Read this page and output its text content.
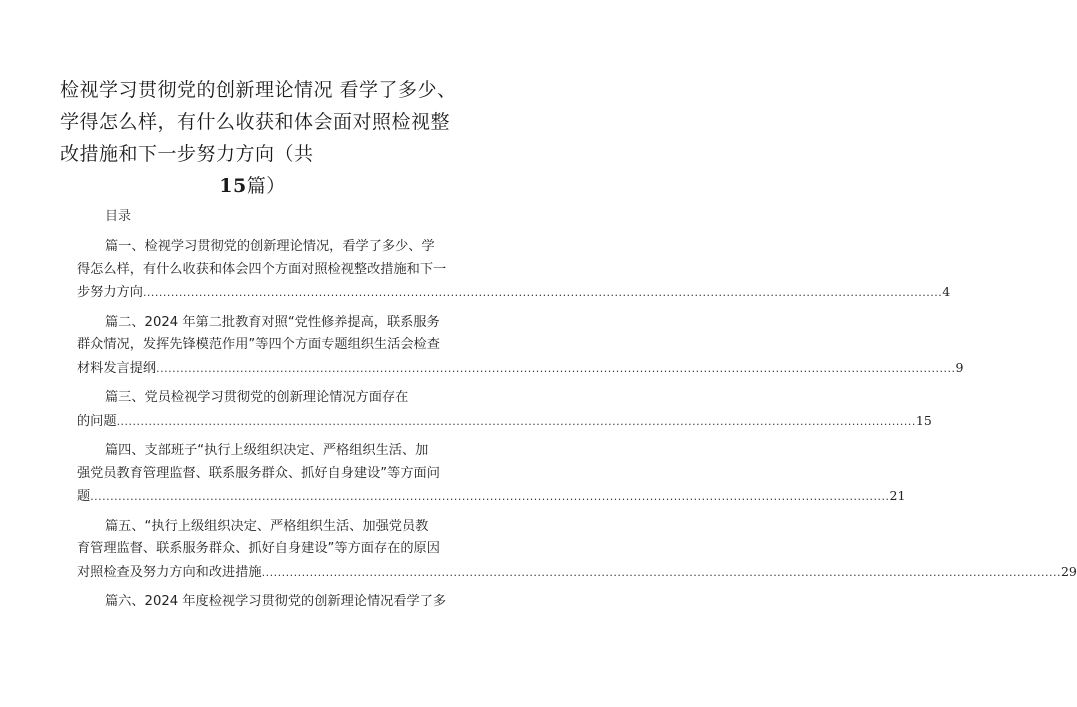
检视学习贯彻党的创新理论情况 看学了多少、
学得怎么样，有什么收获和体会面对照检视整
改措施和下一步努力方向（共
15篇）
目录
篇一、检视学习贯彻党的创新理论情况，看学了多少、学
得怎么样，有什么收获和体会四个方面对照检视整改措施和下一
步努力方向 ........................................................................................................................................................................................................ 4
篇二、2024 年第二批教育对照“党性修养提高，联系服务
群众情况，发挥先锋模范作用”等四个方面专题组织生活会检查
材料发言提纲 ........................................................................................................................................................................................................ 9
篇三、党员检视学习贯彻党的创新理论情况方面存在
的问题 ........................................................................................................................................................................................................ 15
篇四、支部班子“执行上级组织决定、严格组织生活、加
强党员教育管理监督、联系服务群众、抓好自身建设”等方面问
题 ........................................................................................................................................................................................................ 21
篇五、“执行上级组织决定、严格组织生活、加强党员教
育管理监督、联系服务群众、抓好自身建设”等方面存在的原因
对照检查及努力方向和改进措施 ........................................................................................................................................................................................................ 29
篇六、2024 年度检视学习贯彻党的创新理论情况看学了多
